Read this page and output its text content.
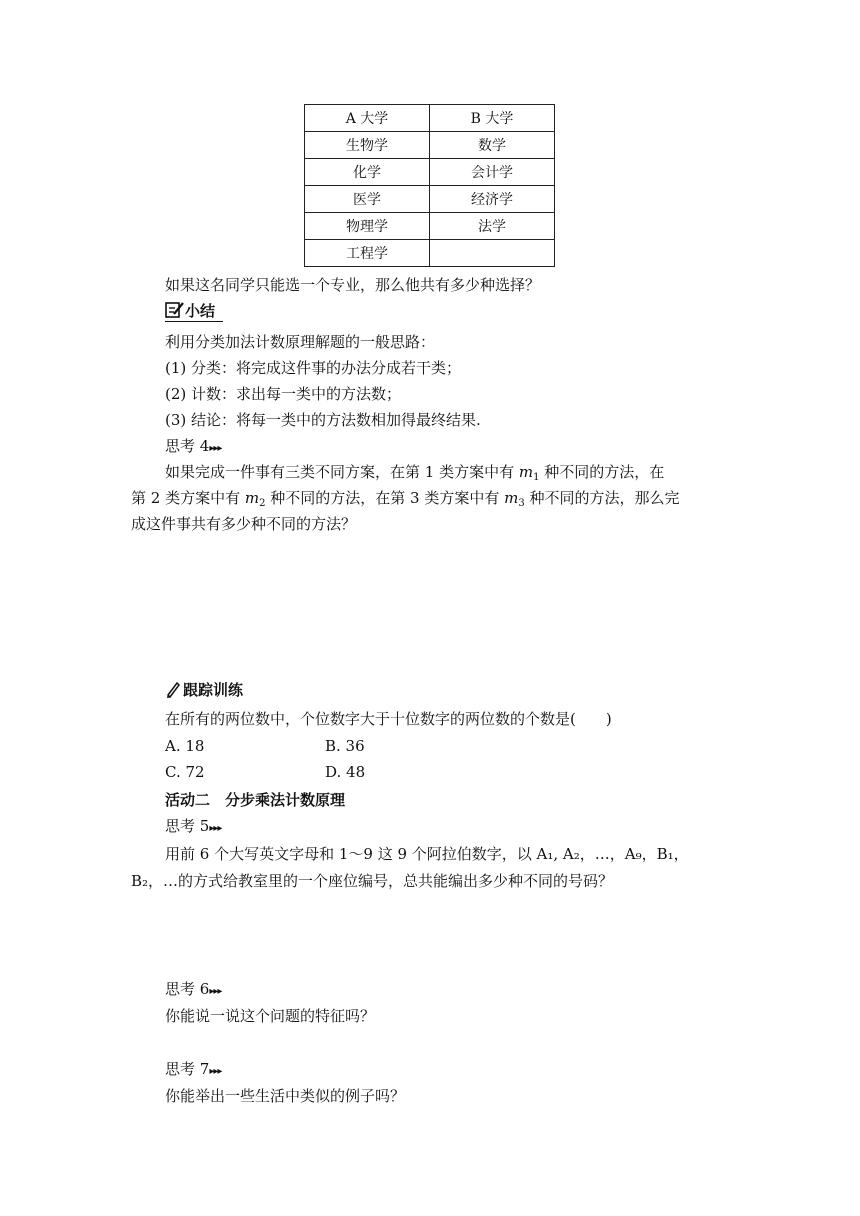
A 大学	B 大学
生物学	数学
化学	会计学
医学	经济学
物理学	法学
工程学	
如果这名同学只能选一个专业，那么他共有多少种选择？
小结
利用分类加法计数原理解题的一般思路：
(1) 分类：将完成这件事的办法分成若干类；
(2) 计数：求出每一类中的方法数；
(3) 结论：将每一类中的方法数相加得最终结果.
思考 4▸▸▸
如果完成一件事有三类不同方案，在第 1 类方案中有 $m_1$ 种不同的方法，在
第 2 类方案中有 $m_2$ 种不同的方法，在第 3 类方案中有 $m_3$ 种不同的方法，那么完
成这件事共有多少种不同的方法？
跟踪训练
在所有的两位数中，个位数字大于十位数字的两位数的个数是(　　)
A. 18	B. 36
C. 72	D. 48
活动二　分步乘法计数原理
思考 5▸▸▸
用前 6 个大写英文字母和 1～9 这 9 个阿拉伯数字，以 A₁, A₂，…，A₉，B₁，
B₂，…的方式给教室里的一个座位编号，总共能编出多少种不同的号码？
思考 6▸▸▸
你能说一说这个问题的特征吗？
思考 7▸▸▸
你能举出一些生活中类似的例子吗？
